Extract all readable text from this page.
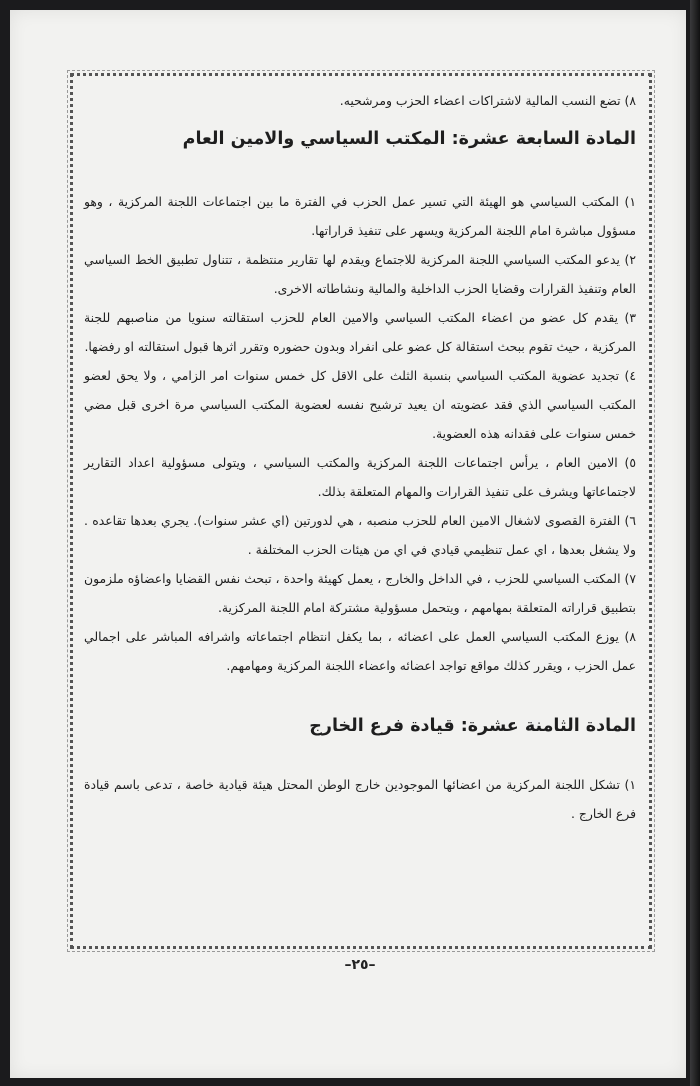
٨) تضع النسب المالية لاشتراكات اعضاء الحزب ومرشحيه.

المادة السابعة عشرة: المكتب السياسي والامين العام

١) المكتب السياسي هو الهيئة التي تسير عمل الحزب في الفترة ما بين اجتماعات اللجنة المركزية ، وهو مسؤول مباشرة امام اللجنة المركزية ويسهر على تنفيذ قراراتها.

٢) يدعو المكتب السياسي اللجنة المركزية للاجتماع ويقدم لها تقارير منتظمة ، تتناول تطبيق الخط السياسي العام وتنفيذ القرارات وقضايا الحزب الداخلية والمالية ونشاطاته الاخرى.

٣) يقدم كل عضو من اعضاء المكتب السياسي والامين العام للحزب استقالته سنويا من مناصبهم للجنة المركزية ، حيث تقوم ببحث استقالة كل عضو على انفراد وبدون حضوره وتقرر اثرها قبول استقالته او رفضها.

٤) تجديد عضوية المكتب السياسي بنسبة الثلث على الاقل كل خمس سنوات امر الزامي ، ولا يحق لعضو المكتب السياسي الذي فقد عضويته ان يعيد ترشيح نفسه لعضوية المكتب السياسي مرة اخرى قبل مضي خمس سنوات على فقدانه هذه العضوية.

٥) الامين العام ، يرأس اجتماعات اللجنة المركزية والمكتب السياسي ، ويتولى مسؤولية اعداد التقارير لاجتماعاتها ويشرف على تنفيذ القرارات والمهام المتعلقة بذلك.

٦) الفترة القصوى لاشغال الامين العام للحزب منصبه ، هي لدورتين (اي عشر سنوات). يجري بعدها تقاعده . ولا يشغل بعدها ، اي عمل تنظيمي قيادي في اي من هيئات الحزب المختلفة .

٧) المكتب السياسي للحزب ، في الداخل والخارج ، يعمل كهيئة واحدة ، تبحث نفس القضايا واعضاؤه ملزمون بتطبيق قراراته المتعلقة بمهامهم ، ويتحمل مسؤولية مشتركة امام اللجنة المركزية.

٨) يوزع المكتب السياسي العمل على اعضائه ، بما يكفل انتظام اجتماعاته واشرافه المباشر على اجمالي عمل الحزب ، ويقرر كذلك مواقع تواجد اعضائه واعضاء اللجنة المركزية ومهامهم.

المادة الثامنة عشرة: قيادة فرع الخارج

١) تشكل اللجنة المركزية من اعضائها الموجودين خارج الوطن المحتل هيئة قيادية خاصة ، تدعى باسم قيادة فرع الخارج .

–٢٥–
